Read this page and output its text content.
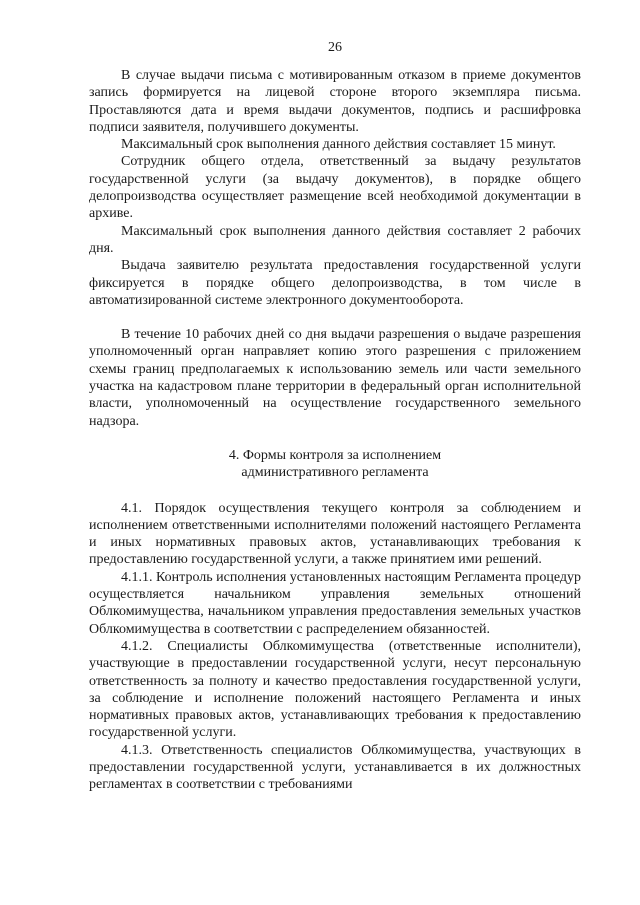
26

В случае выдачи письма с мотивированным отказом в приеме документов запись формируется на лицевой стороне второго экземпляра письма. Проставляются дата и время выдачи документов, подпись и расшифровка подписи заявителя, получившего документы.

Максимальный срок выполнения данного действия составляет 15 минут.

Сотрудник общего отдела, ответственный за выдачу результатов государственной услуги (за выдачу документов), в порядке общего делопроизводства осуществляет размещение всей необходимой документации в архиве.

Максимальный срок выполнения данного действия составляет 2 рабочих дня.

Выдача заявителю результата предоставления государственной услуги фиксируется в порядке общего делопроизводства, в том числе в автоматизированной системе электронного документооборота.

В течение 10 рабочих дней со дня выдачи разрешения о выдаче разрешения уполномоченный орган направляет копию этого разрешения с приложением схемы границ предполагаемых к использованию земель или части земельного участка на кадастровом плане территории в федеральный орган исполнительной власти, уполномоченный на осуществление государственного земельного надзора.

4. Формы контроля за исполнением
административного регламента

4.1. Порядок осуществления текущего контроля за соблюдением и исполнением ответственными исполнителями положений настоящего Регламента и иных нормативных правовых актов, устанавливающих требования к предоставлению государственной услуги, а также принятием ими решений.

4.1.1. Контроль исполнения установленных настоящим Регламента процедур осуществляется начальником управления земельных отношений Облкомимущества, начальником управления предоставления земельных участков Облкомимущества в соответствии с распределением обязанностей.

4.1.2. Специалисты Облкомимущества (ответственные исполнители), участвующие в предоставлении государственной услуги, несут персональную ответственность за полноту и качество предоставления государственной услуги, за соблюдение и исполнение положений настоящего Регламента и иных нормативных правовых актов, устанавливающих требования к предоставлению государственной услуги.

4.1.3. Ответственность специалистов Облкомимущества, участвующих в предоставлении государственной услуги, устанавливается в их должностных регламентах в соответствии с требованиями
